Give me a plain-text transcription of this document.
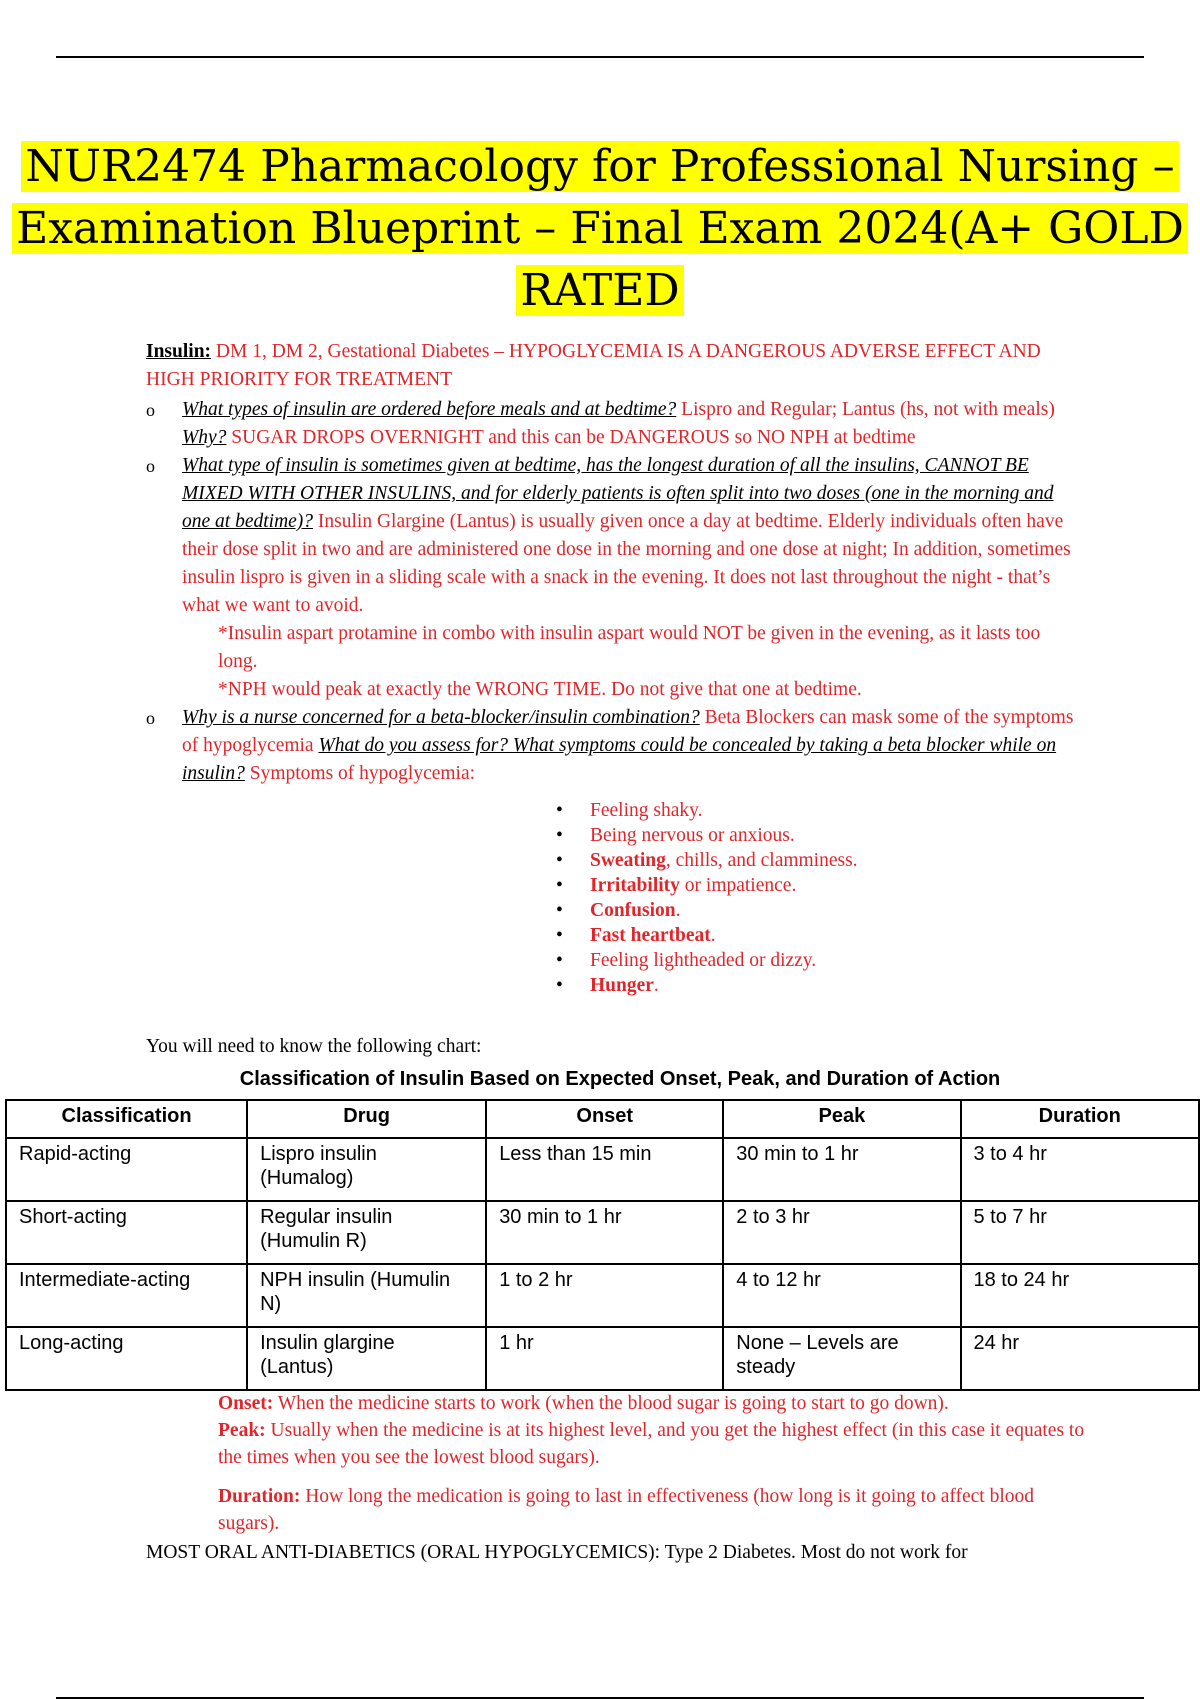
NUR2474 Pharmacology for Professional Nursing –
Examination Blueprint – Final Exam 2024(A+ GOLD
RATED
Insulin: DM 1, DM 2, Gestational Diabetes – HYPOGLYCEMIA IS A DANGEROUS ADVERSE EFFECT AND HIGH PRIORITY FOR TREATMENT
o What types of insulin are ordered before meals and at bedtime? Lispro and Regular; Lantus (hs, not with meals) Why? SUGAR DROPS OVERNIGHT and this can be DANGEROUS so NO NPH at bedtime
o What type of insulin is sometimes given at bedtime, has the longest duration of all the insulins, CANNOT BE MIXED WITH OTHER INSULINS, and for elderly patients is often split into two doses (one in the morning and one at bedtime)? Insulin Glargine (Lantus) is usually given once a day at bedtime. Elderly individuals often have their dose split in two and are administered one dose in the morning and one dose at night; In addition, sometimes insulin lispro is given in a sliding scale with a snack in the evening. It does not last throughout the night - that’s what we want to avoid.
*Insulin aspart protamine in combo with insulin aspart would NOT be given in the evening, as it lasts too long.
*NPH would peak at exactly the WRONG TIME. Do not give that one at bedtime.
o Why is a nurse concerned for a beta-blocker/insulin combination? Beta Blockers can mask some of the symptoms of hypoglycemia What do you assess for? What symptoms could be concealed by taking a beta blocker while on insulin? Symptoms of hypoglycemia:
• Feeling shaky.
• Being nervous or anxious.
• Sweating, chills, and clamminess.
• Irritability or impatience.
• Confusion.
• Fast heartbeat.
• Feeling lightheaded or dizzy.
• Hunger.
You will need to know the following chart:
Classification of Insulin Based on Expected Onset, Peak, and Duration of Action
Classification	Drug	Onset	Peak	Duration
Rapid-acting	Lispro insulin (Humalog)	Less than 15 min	30 min to 1 hr	3 to 4 hr
Short-acting	Regular insulin (Humulin R)	30 min to 1 hr	2 to 3 hr	5 to 7 hr
Intermediate-acting	NPH insulin (Humulin N)	1 to 2 hr	4 to 12 hr	18 to 24 hr
Long-acting	Insulin glargine (Lantus)	1 hr	None – Levels are steady	24 hr
Onset: When the medicine starts to work (when the blood sugar is going to start to go down).

Peak: Usually when the medicine is at its highest level, and you get the highest effect (in this case it equates to the times when you see the lowest blood sugars).

Duration: How long the medication is going to last in effectiveness (how long is it going to affect blood sugars).
MOST ORAL ANTI-DIABETICS (ORAL HYPOGLYCEMICS): Type 2 Diabetes. Most do not work for
